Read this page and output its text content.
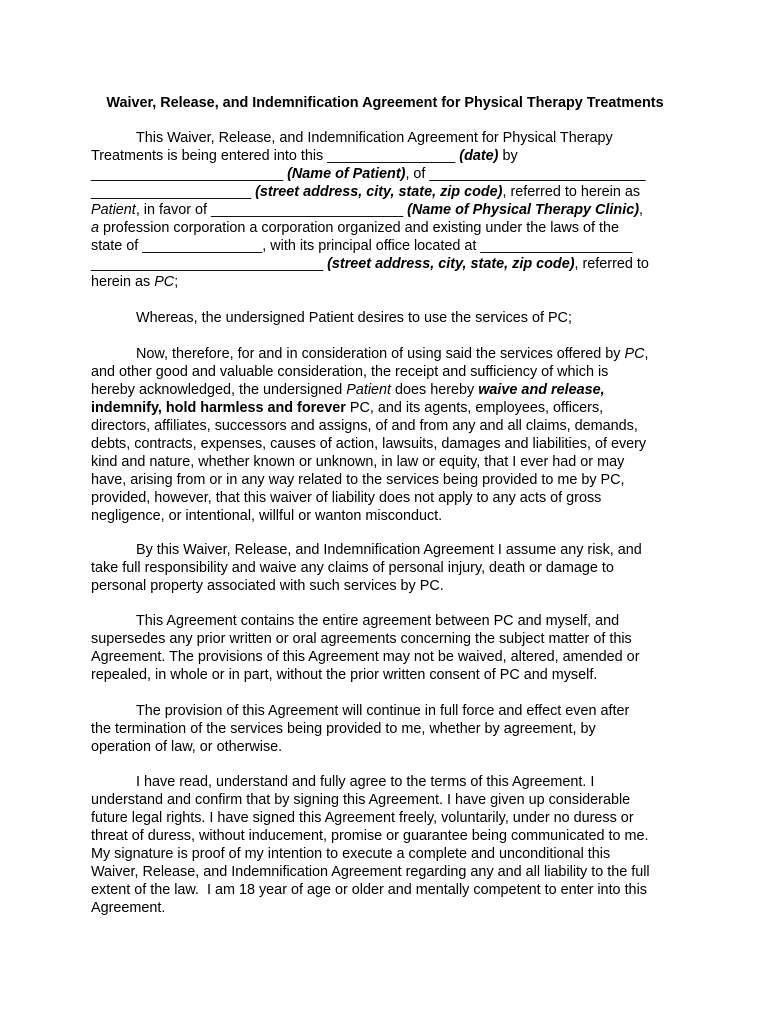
Waiver, Release, and Indemnification Agreement for Physical Therapy Treatments
This Waiver, Release, and Indemnification Agreement for Physical Therapy
Treatments is being entered into this ________________ (date) by
________________________ (Name of Patient), of ___________________________
____________________ (street address, city, state, zip code), referred to herein as
Patient, in favor of ________________________ (Name of Physical Therapy Clinic),
a profession corporation a corporation organized and existing under the laws of the
state of _______________, with its principal office located at ___________________
_____________________________ (street address, city, state, zip code), referred to
herein as PC;
Whereas, the undersigned Patient desires to use the services of PC;
Now, therefore, for and in consideration of using said the services offered by PC,
and other good and valuable consideration, the receipt and sufficiency of which is
hereby acknowledged, the undersigned Patient does hereby waive and release,
indemnify, hold harmless and forever PC, and its agents, employees, officers,
directors, affiliates, successors and assigns, of and from any and all claims, demands,
debts, contracts, expenses, causes of action, lawsuits, damages and liabilities, of every
kind and nature, whether known or unknown, in law or equity, that I ever had or may
have, arising from or in any way related to the services being provided to me by PC,
provided, however, that this waiver of liability does not apply to any acts of gross
negligence, or intentional, willful or wanton misconduct.
By this Waiver, Release, and Indemnification Agreement I assume any risk, and
take full responsibility and waive any claims of personal injury, death or damage to
personal property associated with such services by PC.
This Agreement contains the entire agreement between PC and myself, and
supersedes any prior written or oral agreements concerning the subject matter of this
Agreement. The provisions of this Agreement may not be waived, altered, amended or
repealed, in whole or in part, without the prior written consent of PC and myself.
The provision of this Agreement will continue in full force and effect even after
the termination of the services being provided to me, whether by agreement, by
operation of law, or otherwise.
I have read, understand and fully agree to the terms of this Agreement. I
understand and confirm that by signing this Agreement. I have given up considerable
future legal rights. I have signed this Agreement freely, voluntarily, under no duress or
threat of duress, without inducement, promise or guarantee being communicated to me.
My signature is proof of my intention to execute a complete and unconditional this
Waiver, Release, and Indemnification Agreement regarding any and all liability to the full
extent of the law.  I am 18 year of age or older and mentally competent to enter into this
Agreement.
